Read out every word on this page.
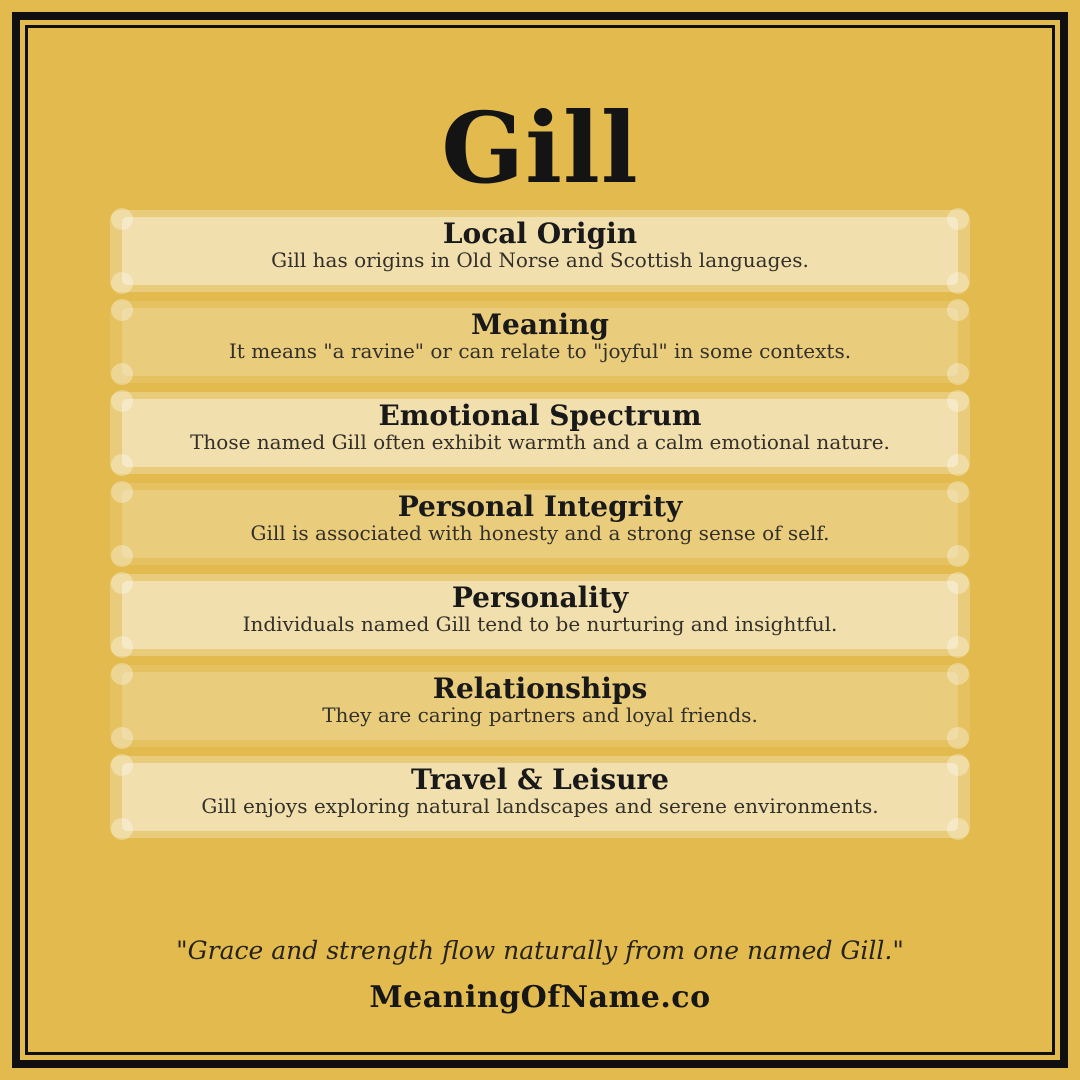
Gill
Local Origin
Gill has origins in Old Norse and Scottish languages.
Meaning
It means "a ravine" or can relate to "joyful" in some contexts.
Emotional Spectrum
Those named Gill often exhibit warmth and a calm emotional nature.
Personal Integrity
Gill is associated with honesty and a strong sense of self.
Personality
Individuals named Gill tend to be nurturing and insightful.
Relationships
They are caring partners and loyal friends.
Travel & Leisure
Gill enjoys exploring natural landscapes and serene environments.
"Grace and strength flow naturally from one named Gill."
MeaningOfName.co
